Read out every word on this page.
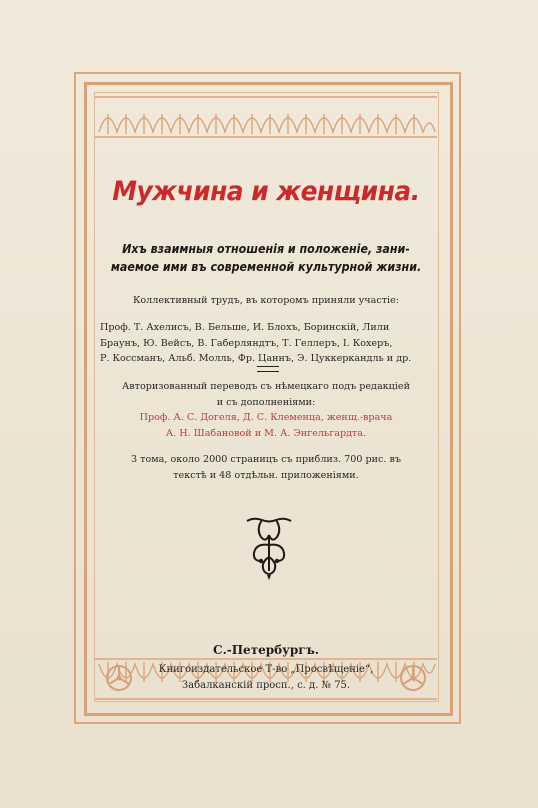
Мужчина и женщина.
Ихъ взаимныя отношенія и положеніе, зани-
маемое ими въ современной культурной жизни.
Коллективный трудъ, въ которомъ приняли участіе:
Проф. Т. Ахелисъ, В. Бельше, И. Блохъ, Боринскій, Лили
Браунъ, Ю. Вейсъ, В. Габерляндтъ, Т. Геллеръ, І. Кохеръ,
Р. Коссманъ, Альб. Молль, Фр. Цаннъ, Э. Цуккеркандль и др.
Авторизованный переводъ съ нѣмецкаго подъ редакціей
и съ дополненіями:
Проф. А. С. Догеля, Д. С. Клеменца, женщ.-врача
А. Н. Шабановой и М. А. Энгельгардта.
3 тома, около 2000 страницъ съ приблиз. 700 рис. въ
текстѣ и 48 отдѣльн. приложеніями.
С.-Петербургъ.
Книгоиздательское Т-во „Просвѣщеніе“,
Забалканскій просп., с. д. № 75.
